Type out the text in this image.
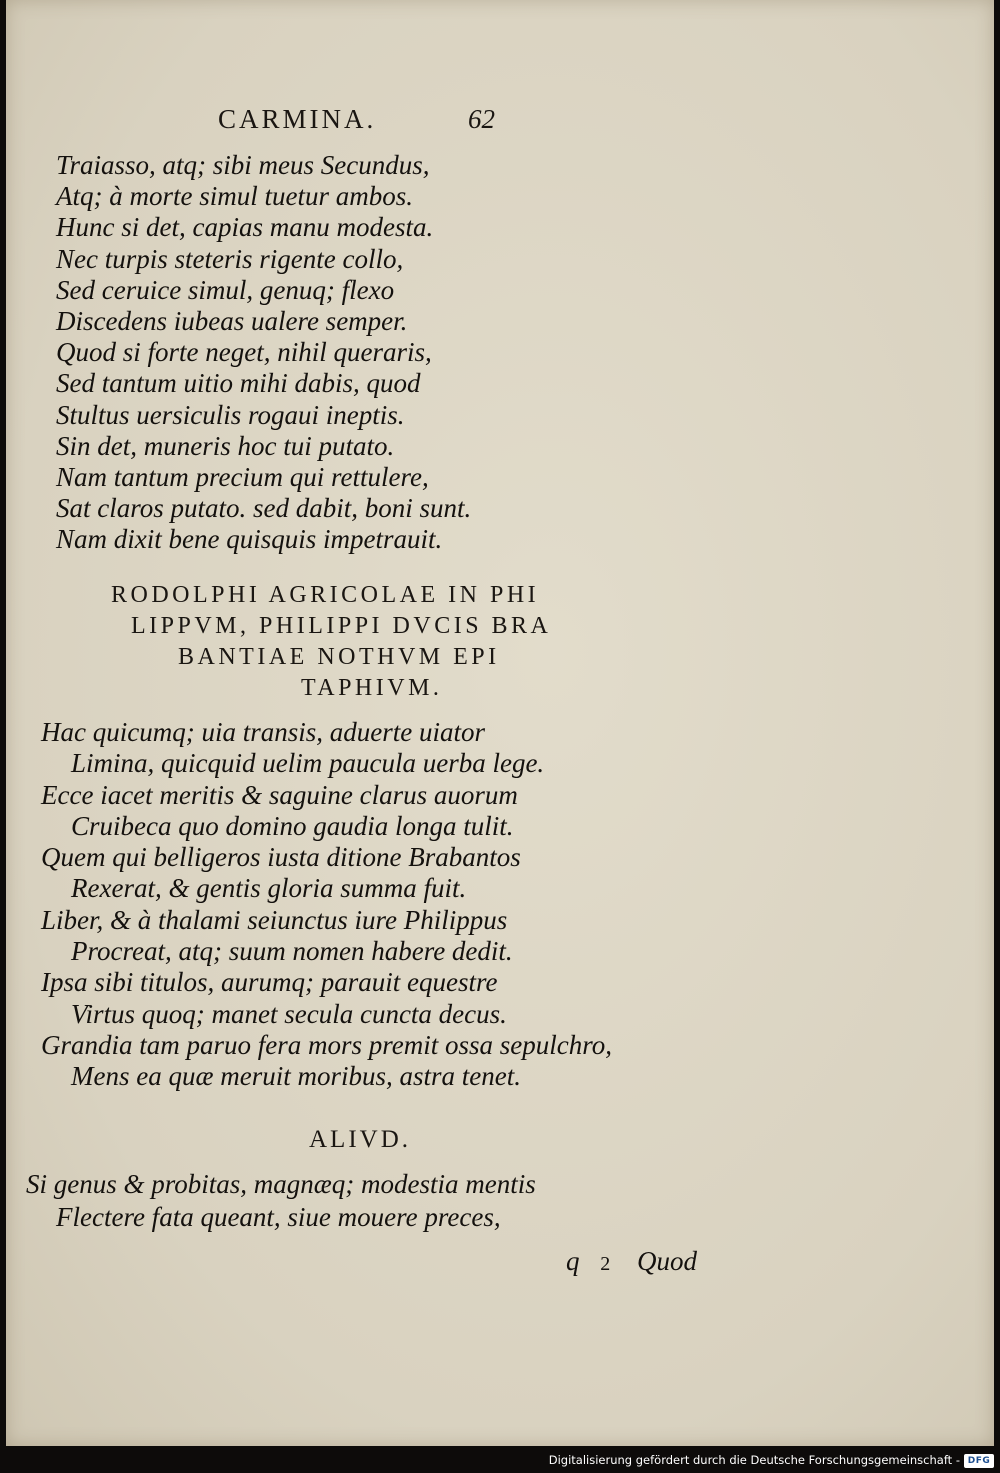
CARMINA.	62
Traiasso, atq; sibi meus Secundus,
Atq; à morte simul tuetur ambos.
Hunc si det, capias manu modesta.
Nec turpis steteris rigente collo,
Sed ceruice simul, genuq; flexo
Discedens iubeas ualere semper.
Quod si forte neget, nihil queraris,
Sed tantum uitio mihi dabis, quod
Stultus uersiculis rogaui ineptis.
Sin det, muneris hoc tui putato.
Nam tantum precium qui rettulere,
Sat claros putato. sed dabit, boni sunt.
Nam dixit bene quisquis impetrauit.
RODOLPHI AGRICOLAE IN PHI
LIPPVM, PHILIPPI DVCIS BRA
BANTIAE NOTHVM EPI
TAPHIVM.
Hac quicumq; uia transis, aduerte uiator
Limina, quicquid uelim paucula uerba lege.
Ecce iacet meritis & saguine clarus auorum
Cruibeca quo domino gaudia longa tulit.
Quem qui belligeros iusta ditione Brabantos
Rexerat, & gentis gloria summa fuit.
Liber, & à thalami seiunctus iure Philippus
Procreat, atq; suum nomen habere dedit.
Ipsa sibi titulos, aurumq; parauit equestre
Virtus quoq; manet secula cuncta decus.
Grandia tam paruo fera mors premit ossa sepulchro,
Mens ea quæ meruit moribus, astra tenet.
ALIVD.
Si genus & probitas, magnæq; modestia mentis
Flectere fata queant, siue mouere preces,
q 2 Quod
Digitalisierung gefördert durch die Deutsche Forschungsgemeinschaft - DFG
